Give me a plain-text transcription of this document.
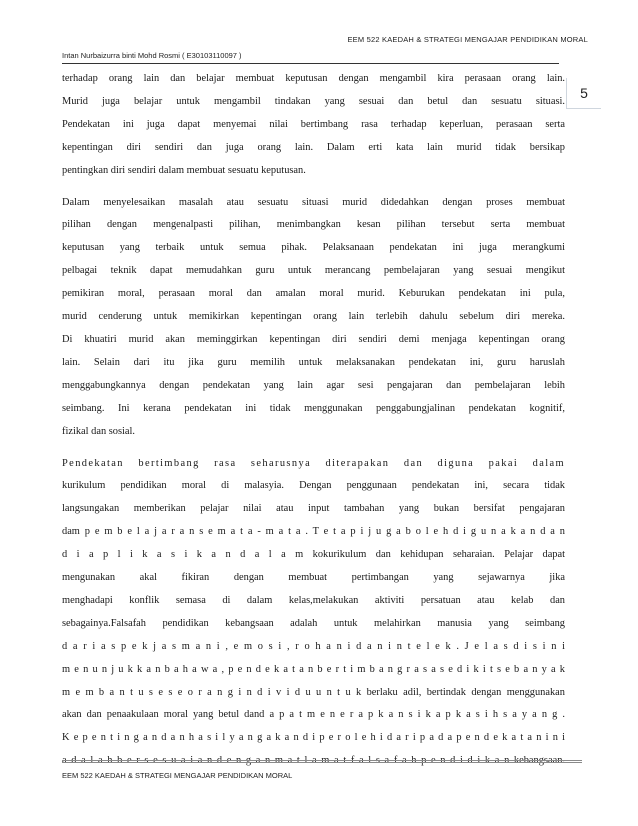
EEM 522 KAEDAH & STRATEGI MENGAJAR PENDIDIKAN MORAL
Intan Nurbaizurra binti Mohd Rosmi ( E30103110097 )
5
terhadap orang lain dan belajar membuat keputusan dengan mengambil kira perasaan orang lain.
Murid juga belajar untuk mengambil tindakan yang sesuai dan betul dan sesuatu situasi.
Pendekatan ini juga dapat menyemai nilai bertimbang rasa terhadap keperluan, perasaan serta
kepentingan diri sendiri dan juga orang lain. Dalam erti kata lain murid tidak bersikap
pentingkan diri sendiri dalam membuat sesuatu keputusan.
Dalam menyelesaikan masalah atau sesuatu situasi murid didedahkan dengan proses membuat
pilihan dengan mengenalpasti pilihan, menimbangkan kesan pilihan tersebut serta membuat
keputusan yang terbaik untuk semua pihak. Pelaksanaan pendekatan ini juga merangkumi
pelbagai teknik dapat memudahkan guru untuk merancang pembelajaran yang sesuai mengikut
pemikiran moral, perasaan moral dan amalan moral murid. Keburukan pendekatan ini pula,
murid cenderung untuk memikirkan kepentingan orang lain terlebih dahulu sebelum diri mereka.
Di khuatiri murid akan meminggirkan kepentingan diri sendiri demi menjaga kepentingan orang
lain. Selain dari itu jika guru memilih untuk melaksanakan pendekatan ini, guru haruslah
menggabungkannya dengan pendekatan yang lain agar sesi pengajaran dan pembelajaran lebih
seimbang. Ini kerana pendekatan ini tidak menggunakan penggabungjalinan pendekatan kognitif,
fizikal dan sosial.
Pendekatan bertimbang rasa seharusnya diterapakan dan diguna pakai dalam
kurikulum pendidikan moral di malasyia. Dengan penggunaan pendekatan ini, secara tidak
langsungakan memberikan pelajar nilai atau input tambahan yang bukan bersifat pengajaran
dam p e m b e l a j a r a n s e m a t a - m a t a . T e t a p i j u g a b o l e h d i g u n a k a n d a n
d i a p l i k a s i k a n d a l a m kokurikulum dan kehidupan seharaian. Pelajar dapat
mengunakan akal fikiran dengan membuat pertimbangan yang sejawarnya jika
menghadapi konflik semasa di dalam kelas,melakukan aktiviti persatuan atau kelab dan
sebagainya.Falsafah pendidikan kebangsaan adalah untuk melahirkan manusia yang seimbang
d a r i a s p e k j a s m a n i , e m o s i , r o h a n i d a n i n t e l e k . J e l a s d i s i n i
m e n u n j u k k a n b a h a w a , p e n d e k a t a n b e r t i m b a n g r a s a s e d i k i t s e b a n y a k
m e m b a n t u s e s e o r a n g i n d i v i d u u n t u k berlaku adil, bertindak dengan menggunakan
akan dan penaakulaan moral yang betul dand a p a t m e n e r a p k a n s i k a p k a s i h s a y a n g .
K e p e n t i n g a n d a n h a s i l y a n g a k a n d i p e r o l e h i d a r i p a d a p e n d e k a t a n i n i
a d a l a h b e r s e s u a i a n d e n g a n m a t l a m a t f a l s a f a h p e n d i d i k a n kebangsaan.
EEM 522 KAEDAH & STRATEGI MENGAJAR PENDIDIKAN MORAL
